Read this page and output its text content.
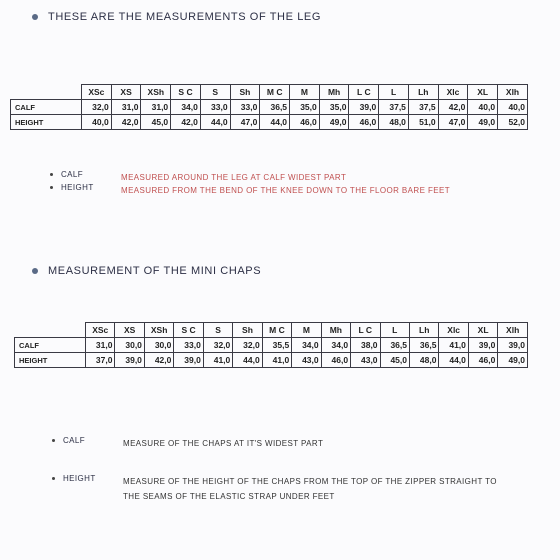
THESE ARE THE MEASUREMENTS OF THE LEG
	XSc	XS	XSh	S C	S	Sh	M C	M	Mh	L C	L	Lh	Xlc	XL	Xlh
CALF	32,0	31,0	31,0	34,0	33,0	33,0	36,5	35,0	35,0	39,0	37,5	37,5	42,0	40,0	40,0
HEIGHT	40,0	42,0	45,0	42,0	44,0	47,0	44,0	46,0	49,0	46,0	48,0	51,0	47,0	49,0	52,0
CALF	MEASURED AROUND THE LEG AT CALF WIDEST PART
HEIGHT	MEASURED FROM THE BEND OF THE KNEE DOWN TO THE FLOOR BARE FEET
MEASUREMENT OF THE MINI CHAPS
	XSc	XS	XSh	S C	S	Sh	M C	M	Mh	L C	L	Lh	Xlc	XL	Xlh
CALF	31,0	30,0	30,0	33,0	32,0	32,0	35,5	34,0	34,0	38,0	36,5	36,5	41,0	39,0	39,0
HEIGHT	37,0	39,0	42,0	39,0	41,0	44,0	41,0	43,0	46,0	43,0	45,0	48,0	44,0	46,0	49,0
CALF	MEASURE OF THE CHAPS AT IT'S WIDEST PART
HEIGHT	MEASURE OF THE HEIGHT OF THE CHAPS FROM THE TOP OF THE ZIPPER STRAIGHT TO THE SEAMS OF THE ELASTIC STRAP UNDER FEET
